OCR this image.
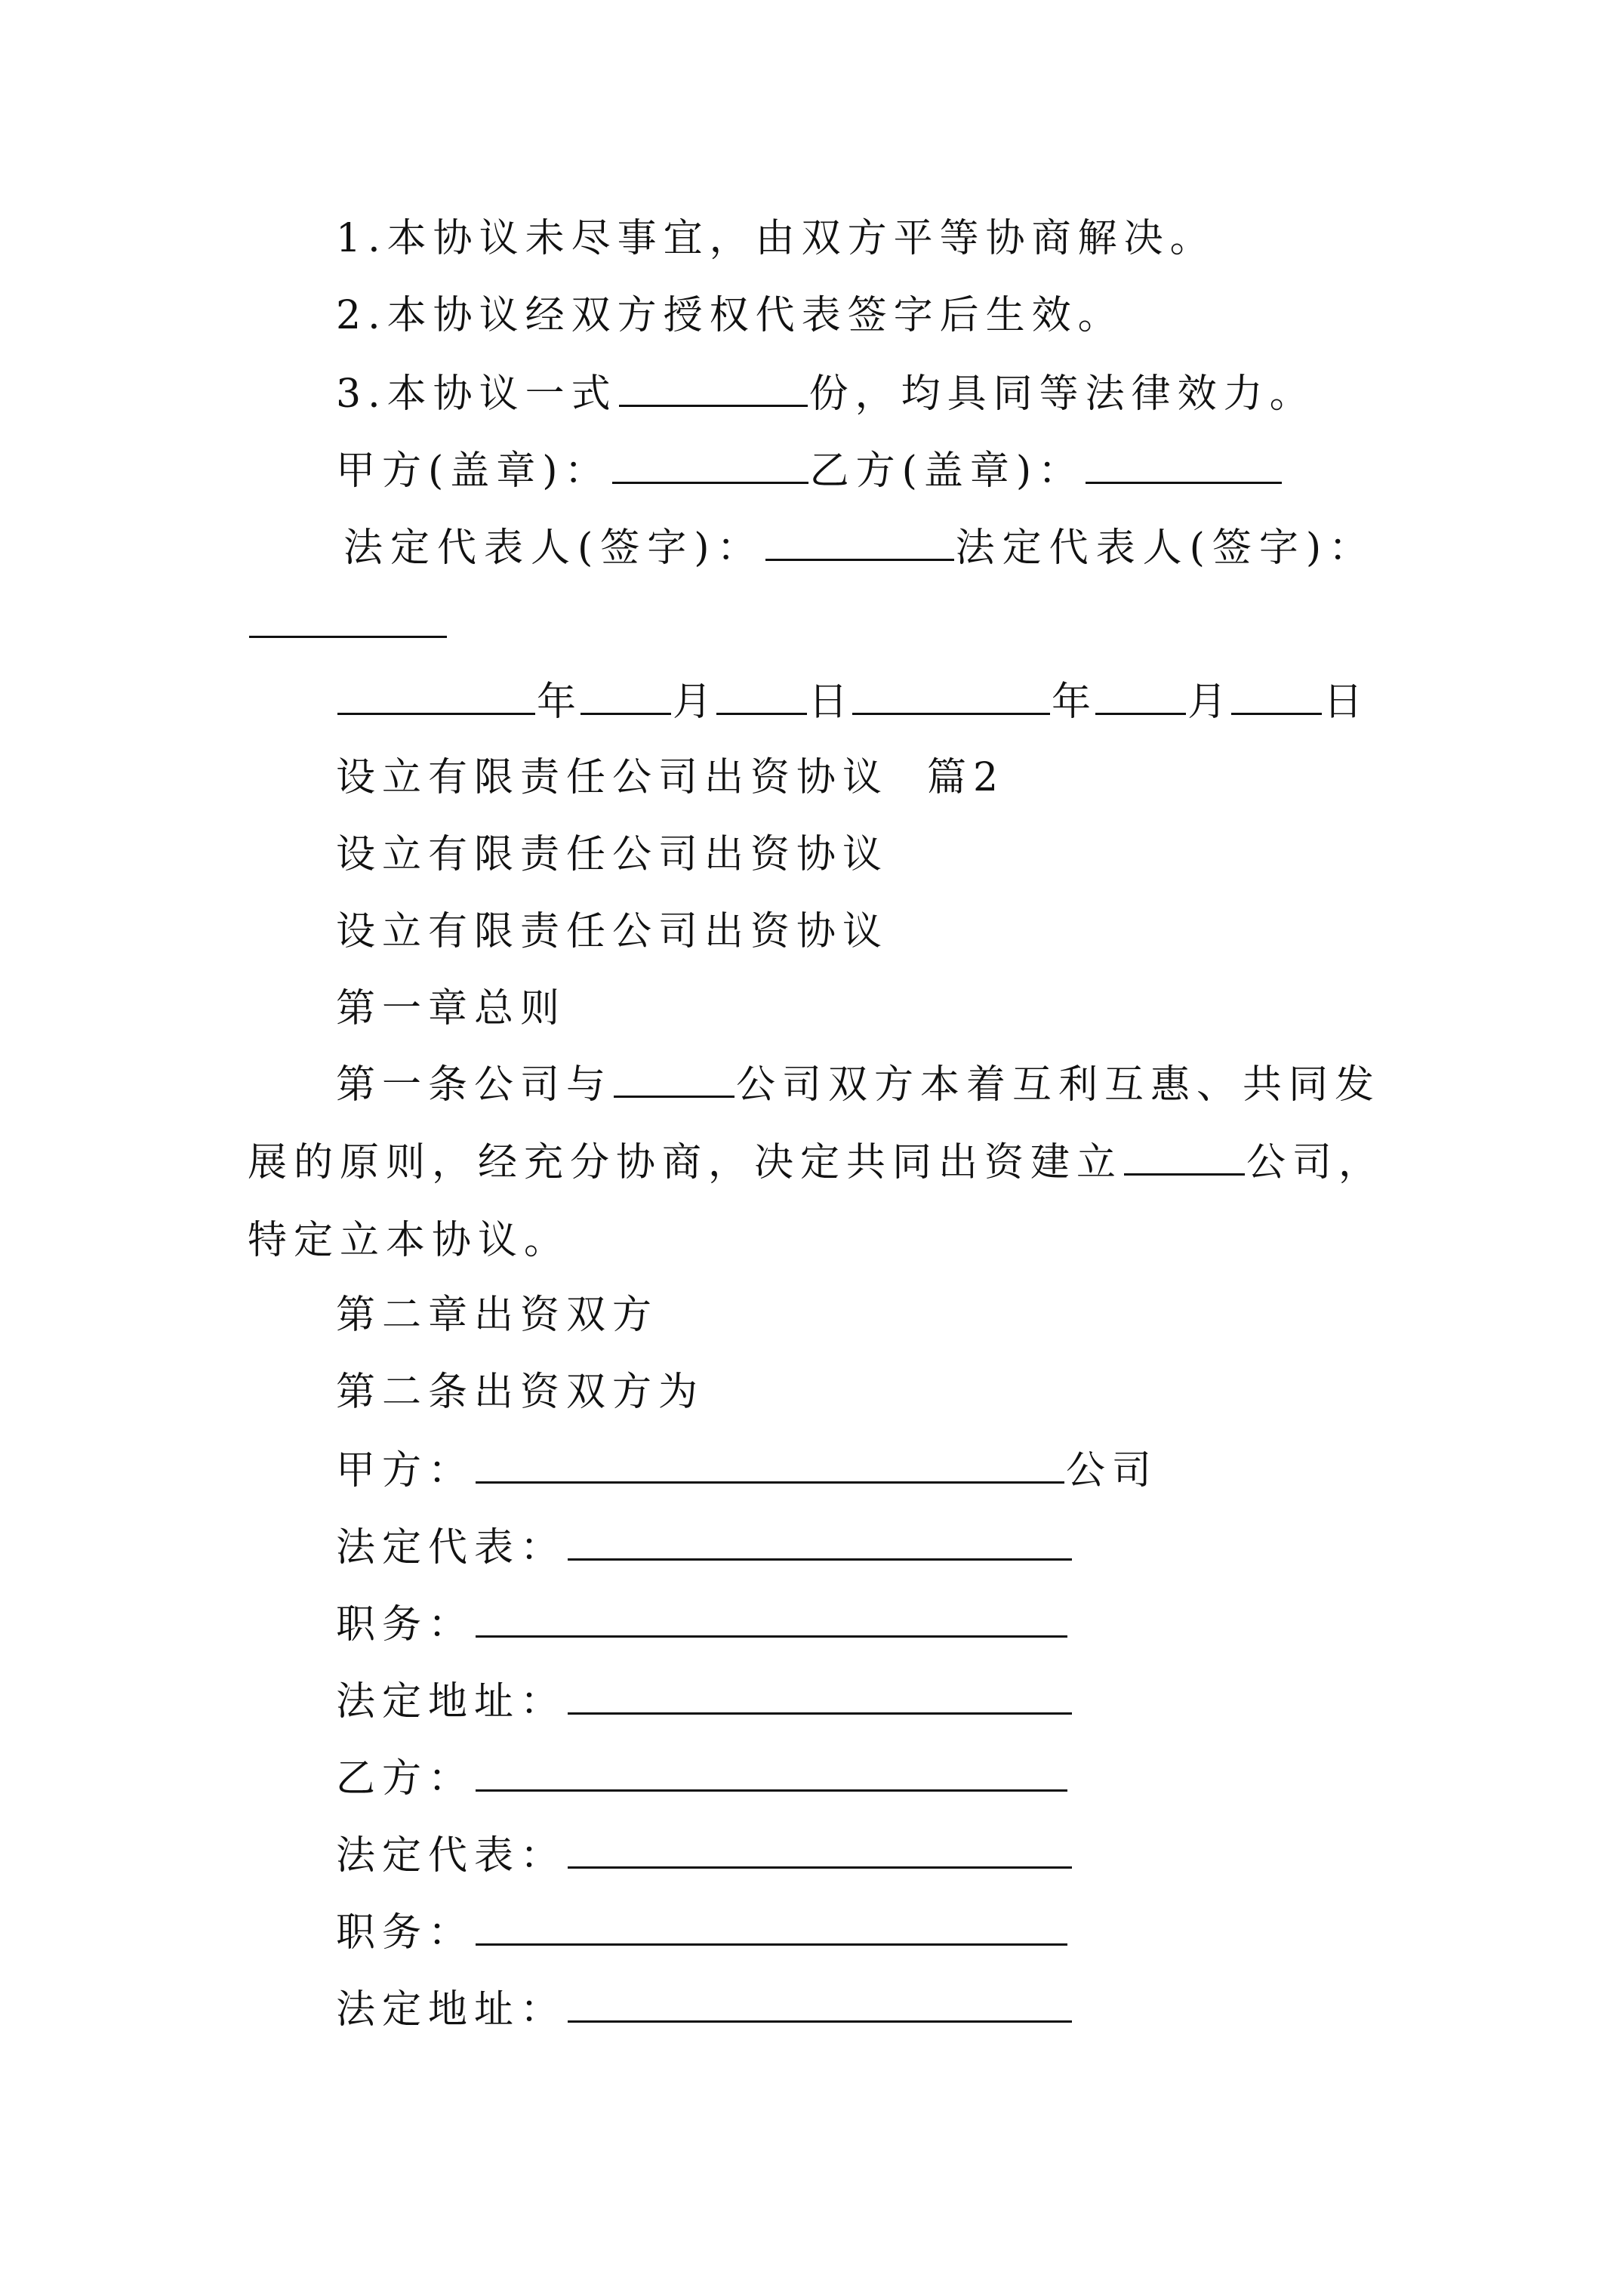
1.本协议未尽事宜，由双方平等协商解决。
2.本协议经双方授权代表签字后生效。
3.本协议一式	份，均具同等法律效力。
甲方(盖章)：	乙方(盖章)：
法定代表人(签字)：	法定代表人(签字)：
年 月 日	年 月 日
设立有限责任公司出资协议  篇2
设立有限责任公司出资协议
设立有限责任公司出资协议
第一章总则
第一条公司与	公司双方本着互利互惠、共同发展的原则，经充分协商，决定共同出资建立	公司，特定立本协议。
第二章出资双方
第二条出资双方为
甲方：	公司
法定代表：
职务：
法定地址：
乙方：
法定代表：
职务：
法定地址：
